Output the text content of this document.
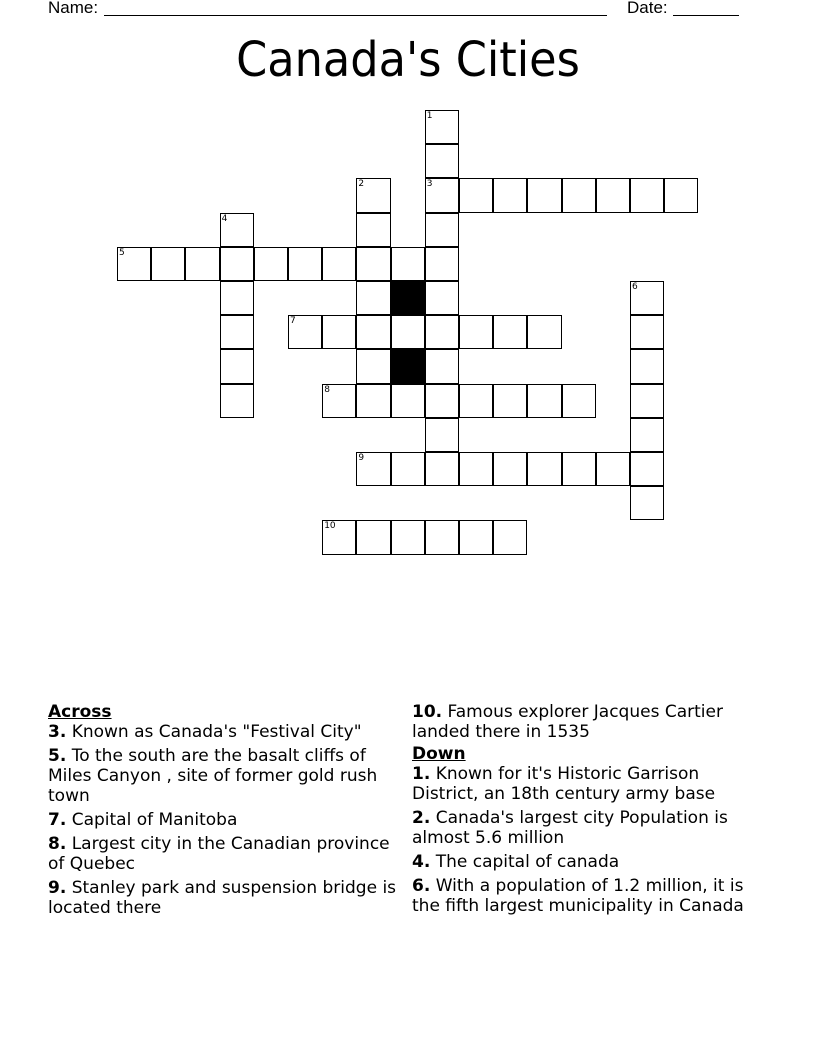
Name:	Date:
Canada's Cities
1
3
2
4
5
6
7
8
9
10
Across
3. Known as Canada's "Festival City"
5. To the south are the basalt cliffs of Miles Canyon , site of former gold rush town
7. Capital of Manitoba
8. Largest city in the Canadian province of Quebec
9. Stanley park and suspension bridge is located there
10. Famous explorer Jacques Cartier landed there in 1535
Down
1. Known for it's Historic Garrison District, an 18th century army base
2. Canada's largest city Population is almost 5.6 million
4. The capital of canada
6. With a population of 1.2 million, it is the fifth largest municipality in Canada
